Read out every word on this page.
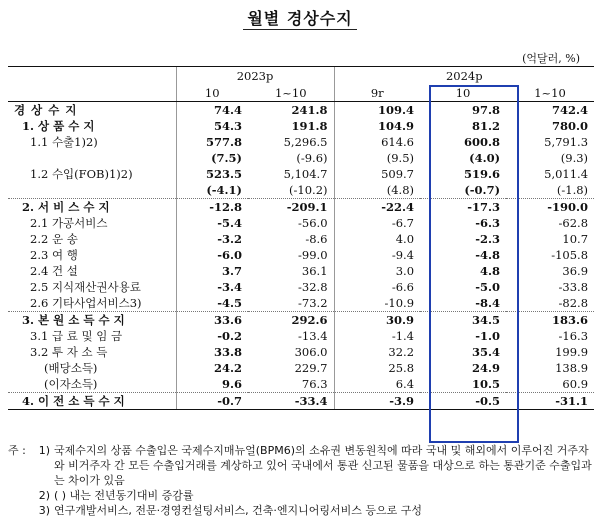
월별 경상수지
(억달러, %)
	2023p		2024p		
	10	1~10	9r	10	1~10
경 상 수 지	74.4	241.8	109.4	97.8	742.4
1. 상 품 수 지	54.3	191.8	104.9	81.2	780.0
1.1 수출1)2)	577.8	5,296.5	614.6	600.8	5,791.3
	(7.5)	(-9.6)	(9.5)	(4.0)	(9.3)
1.2 수입(FOB)1)2)	523.5	5,104.7	509.7	519.6	5,011.4
	(-4.1)	(-10.2)	(4.8)	(-0.7)	(-1.8)
2. 서 비 스 수 지	-12.8	-209.1	-22.4	-17.3	-190.0
2.1 가공서비스	-5.4	-56.0	-6.7	-6.3	-62.8
2.2 운 송	-3.2	-8.6	4.0	-2.3	10.7
2.3 여 행	-6.0	-99.0	-9.4	-4.8	-105.8
2.4 건 설	3.7	36.1	3.0	4.8	36.9
2.5 지식재산권사용료	-3.4	-32.8	-6.6	-5.0	-33.8
2.6 기타사업서비스3)	-4.5	-73.2	-10.9	-8.4	-82.8
3. 본 원 소 득 수 지	33.6	292.6	30.9	34.5	183.6
3.1 급 료 및 임 금	-0.2	-13.4	-1.4	-1.0	-16.3
3.2 투 자 소 득	33.8	306.0	32.2	35.4	199.9
(배당소득)	24.2	229.7	25.8	24.9	138.9
(이자소득)	9.6	76.3	6.4	10.5	60.9
4. 이 전 소 득 수 지	-0.7	-33.4	-3.9	-0.5	-31.1
주 :	1) 국제수지의 상품 수출입은 국제수지매뉴얼(BPM6)의 소유권 변동원칙에 따라 국내 및 해외에서 이루어진 거주자와 비거주자 간 모든 수출입거래를 계상하고 있어 국내에서 통관 신고된 물품을 대상으로 하는 통관기준 수출입과는 차이가 있음
2) ( ) 내는 전년동기대비 증감률
3) 연구개발서비스, 전문·경영컨설팅서비스, 건축·엔지니어링서비스 등으로 구성
